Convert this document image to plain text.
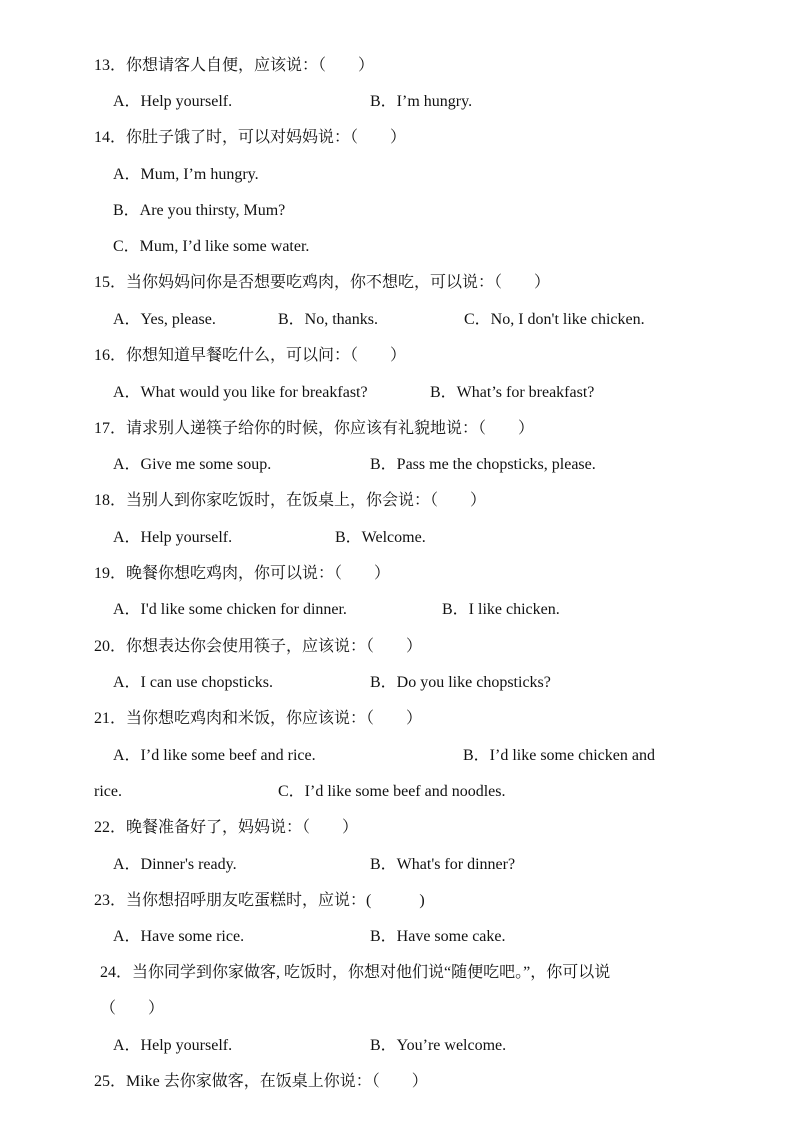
13．你想请客人自便，应该说：（　　）
A．Help yourself.	B．I’m hungry.
14．你肚子饿了时，可以对妈妈说：（　　）
A．Mum, I’m hungry.
B．Are you thirsty, Mum?
C．Mum, I’d like some water.
15．当你妈妈问你是否想要吃鸡肉，你不想吃，可以说：（　　）
A．Yes, please.	B．No, thanks.	C．No, I don't like chicken.
16．你想知道早餐吃什么，可以问：（　　）
A．What would you like for breakfast?	B．What’s for breakfast?
17．请求别人递筷子给你的时候，你应该有礼貌地说：（　　）
A．Give me some soup.	B．Pass me the chopsticks, please.
18．当别人到你家吃饭时，在饭桌上，你会说：（　　）
A．Help yourself.	B．Welcome.
19．晚餐你想吃鸡肉，你可以说：（　　）
A．I'd like some chicken for dinner.	B．I like chicken.
20．你想表达你会使用筷子，应该说：（　　）
A．I can use chopsticks.	B．Do you like chopsticks?
21．当你想吃鸡肉和米饭，你应该说：（　　）
A．I’d like some beef and rice.	B．I’d like some chicken and
rice.	C．I’d like some beef and noodles.
22．晚餐准备好了，妈妈说：（　　）
A．Dinner's ready.	B．What's for dinner?
23．当你想招呼朋友吃蛋糕时，应说：(　　　)
A．Have some rice.	B．Have some cake.
24．当你同学到你家做客, 吃饭时，你想对他们说“随便吃吧。”，你可以说
（　　）
A．Help yourself.	B．You’re welcome.
25．Mike 去你家做客，在饭桌上你说：（　　）
